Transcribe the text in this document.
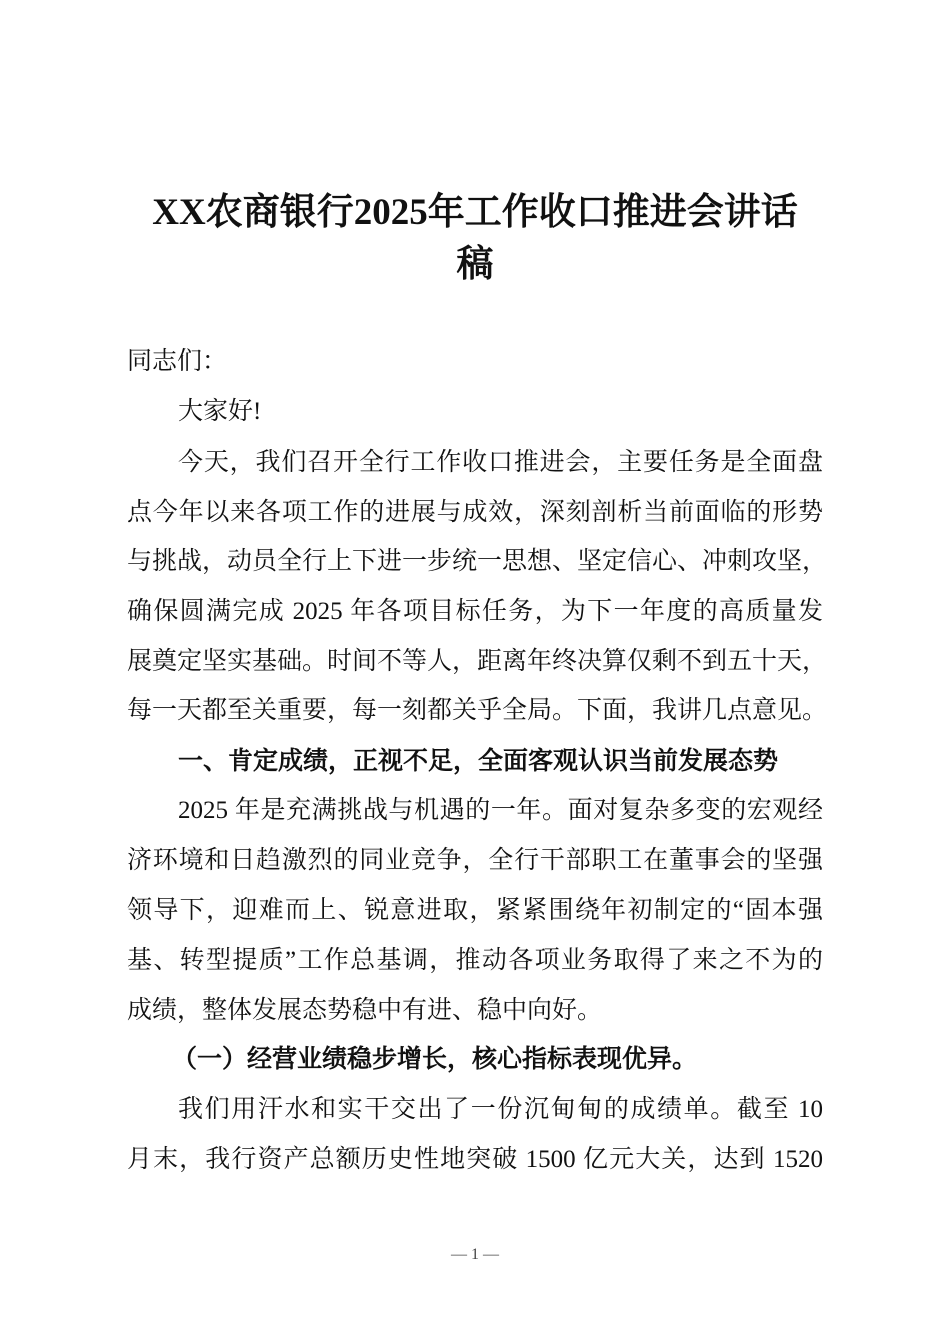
XX农商银行2025年工作收口推进会讲话
稿
同志们：
大家好!
今天，我们召开全行工作收口推进会，主要任务是全面盘
点今年以来各项工作的进展与成效，深刻剖析当前面临的形势
与挑战，动员全行上下进一步统一思想、坚定信心、冲刺攻坚，
确保圆满完成 2025 年各项目标任务，为下一年度的高质量发
展奠定坚实基础。时间不等人，距离年终决算仅剩不到五十天，
每一天都至关重要，每一刻都关乎全局。下面，我讲几点意见。
一、肯定成绩，正视不足，全面客观认识当前发展态势
2025 年是充满挑战与机遇的一年。面对复杂多变的宏观经
济环境和日趋激烈的同业竞争，全行干部职工在董事会的坚强
领导下，迎难而上、锐意进取，紧紧围绕年初制定的“固本强
基、转型提质”工作总基调，推动各项业务取得了来之不为的
成绩，整体发展态势稳中有进、稳中向好。
（一）经营业绩稳步增长，核心指标表现优异。
我们用汗水和实干交出了一份沉甸甸的成绩单。截至 10
月末，我行资产总额历史性地突破 1500 亿元大关，达到 1520
— 1 —
